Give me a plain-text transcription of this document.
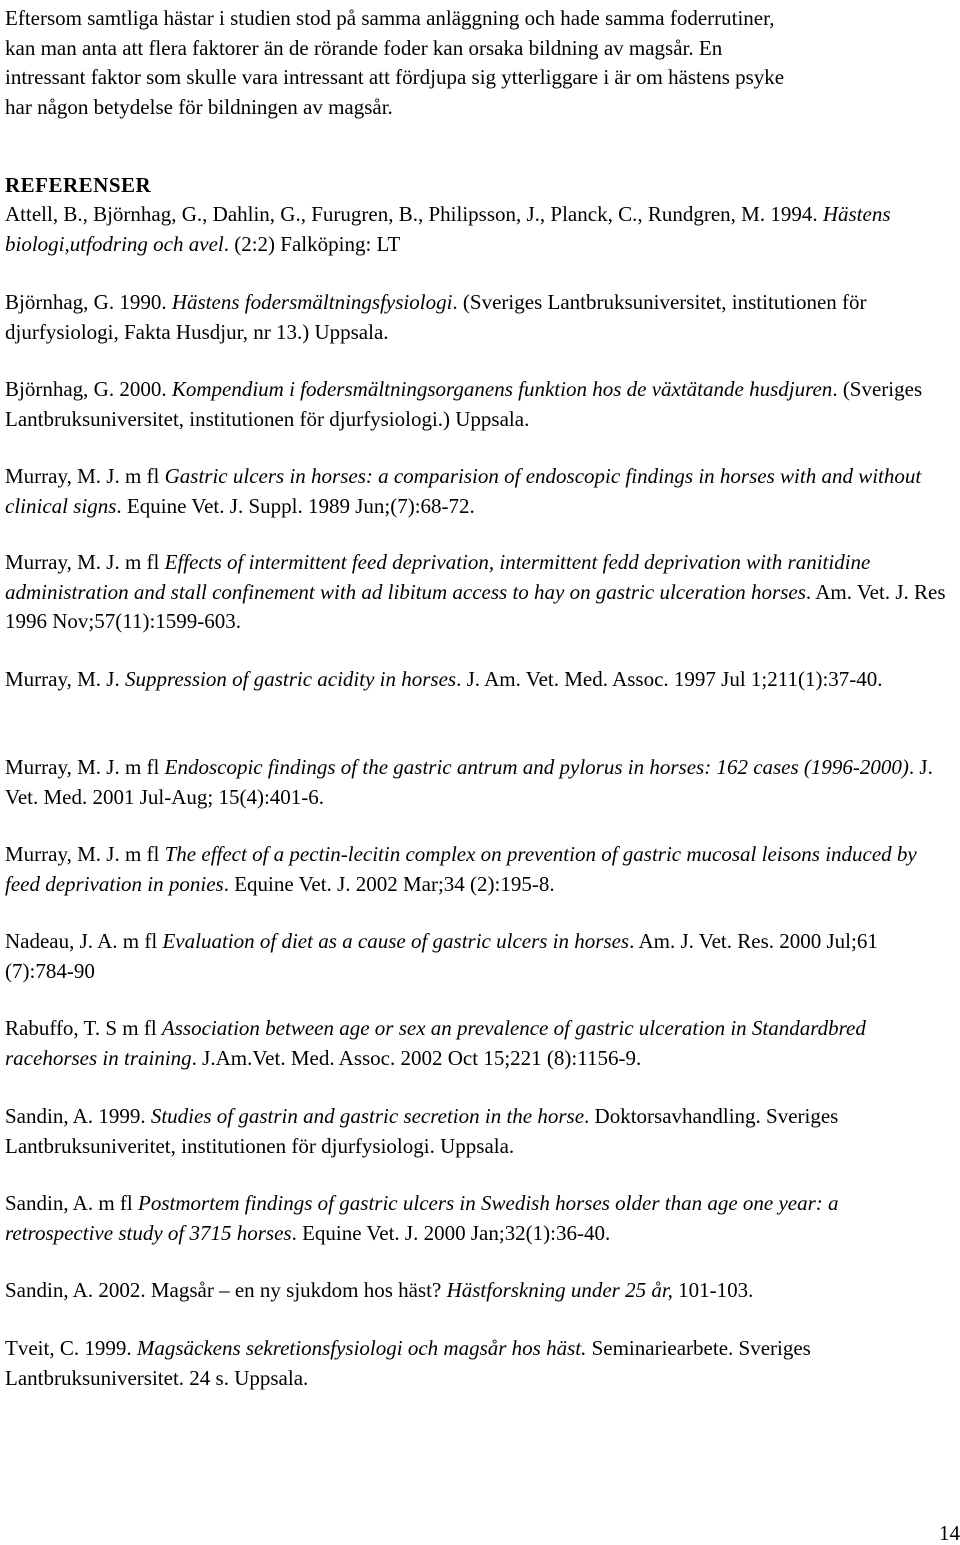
Eftersom samtliga hästar i studien stod på samma anläggning och hade samma foderrutiner,
kan man anta att flera faktorer än de rörande foder kan orsaka bildning av magsår. En
intressant faktor som skulle vara intressant att fördjupa sig ytterliggare i är om hästens psyke
har någon betydelse för bildningen av magsår.
REFERENSER
Attell, B., Björnhag, G., Dahlin, G., Furugren, B., Philipsson, J., Planck, C., Rundgren, M. 1994. Hästens biologi,utfodring och avel. (2:2) Falköping: LT
Björnhag, G. 1990. Hästens fodersmältningsfysiologi. (Sveriges Lantbruksuniversitet, institutionen för djurfysiologi, Fakta Husdjur, nr 13.) Uppsala.
Björnhag, G. 2000. Kompendium i fodersmältningsorganens funktion hos de växtätande husdjuren. (Sveriges Lantbruksuniversitet, institutionen för djurfysiologi.) Uppsala.
Murray, M. J. m fl Gastric ulcers in horses: a comparision of endoscopic findings in horses with and without clinical signs. Equine Vet. J. Suppl. 1989 Jun;(7):68-72.
Murray, M. J. m fl Effects of intermittent feed deprivation, intermittent fedd deprivation with ranitidine administration and stall confinement with ad libitum access to hay on gastric ulceration horses. Am. Vet. J. Res 1996 Nov;57(11):1599-603.
Murray, M. J. Suppression of gastric acidity in horses. J. Am. Vet. Med. Assoc. 1997 Jul 1;211(1):37-40.
Murray, M. J. m fl Endoscopic findings of the gastric antrum and pylorus in horses: 162 cases (1996-2000). J. Vet. Med. 2001 Jul-Aug; 15(4):401-6.
Murray, M. J. m fl The effect of a pectin-lecitin complex on prevention of gastric mucosal leisons induced by feed deprivation in ponies. Equine Vet. J. 2002 Mar;34 (2):195-8.
Nadeau, J. A. m fl Evaluation of diet as a cause of gastric ulcers in horses. Am. J. Vet. Res. 2000 Jul;61 (7):784-90
Rabuffo, T. S m fl Association between age or sex an prevalence of gastric ulceration in Standardbred racehorses in training. J.Am.Vet. Med. Assoc. 2002 Oct 15;221 (8):1156-9.
Sandin, A. 1999. Studies of gastrin and gastric secretion in the horse. Doktorsavhandling. Sveriges Lantbruksuniveritet, institutionen för djurfysiologi. Uppsala.
Sandin, A. m fl Postmortem findings of gastric ulcers in Swedish horses older than age one year: a retrospective study of 3715 horses. Equine Vet. J. 2000 Jan;32(1):36-40.
Sandin, A. 2002. Magsår – en ny sjukdom hos häst? Hästforskning under 25 år, 101-103.
Tveit, C. 1999. Magsäckens sekretionsfysiologi och magsår hos häst. Seminariearbete. Sveriges Lantbruksuniversitet. 24 s. Uppsala.
14
